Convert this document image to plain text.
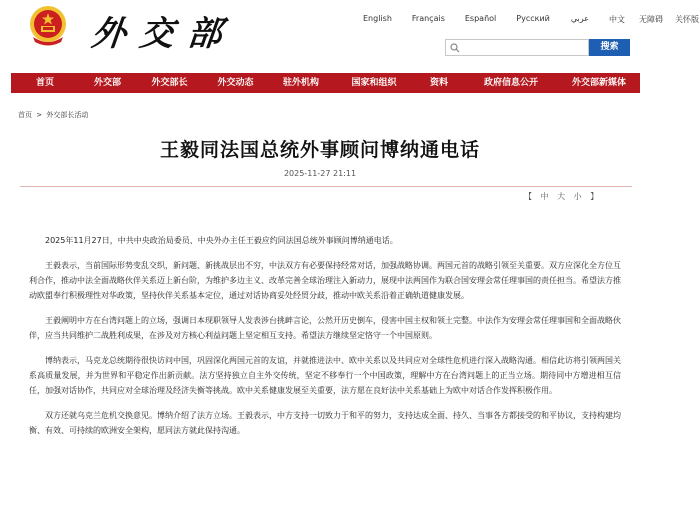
外交部	English	Français	Español	Русский	عربي	中文 无障碍 关怀版
搜索
首页	外交部	外交部长	外交动态	驻外机构	国家和组织	资料	政府信息公开	外交部新媒体
首页 > 外交部长活动
王毅同法国总统外事顾问博纳通电话
2025-11-27 21:11
【 中 大 小 】

2025年11月27日，中共中央政治局委员、中央外办主任王毅应约同法国总统外事顾问博纳通电话。

王毅表示，当前国际形势变乱交织，新问题、新挑战层出不穷，中法双方有必要保持经常对话，加强战略协调。两国元首的战略引领至关重要。双方应深化全方位互利合作，推动中法全面战略伙伴关系迈上新台阶，为维护多边主义、改革完善全球治理注入新动力，展现中法两国作为联合国安理会常任理事国的责任担当。希望法方推动欧盟奉行积极理性对华政策，坚持伙伴关系基本定位，通过对话协商妥处经贸分歧，推动中欧关系沿着正确轨道健康发展。

王毅阐明中方在台湾问题上的立场，强调日本现职领导人发表涉台挑衅言论，公然开历史倒车，侵害中国主权和领土完整。中法作为安理会常任理事国和全面战略伙伴，应当共同维护二战胜利成果，在涉及对方核心利益问题上坚定相互支持。希望法方继续坚定恪守一个中国原则。

博纳表示，马克龙总统期待很快访问中国，巩固深化两国元首的友谊，并就推进法中、欧中关系以及共同应对全球性危机进行深入战略沟通。相信此访将引领两国关系高质量发展，并为世界和平稳定作出新贡献。法方坚持独立自主外交传统，坚定不移奉行一个中国政策，理解中方在台湾问题上的正当立场。期待同中方增进相互信任，加强对话协作，共同应对全球治理及经济失衡等挑战。欧中关系健康发展至关重要，法方愿在良好法中关系基础上为欧中对话合作发挥积极作用。

双方还就乌克兰危机交换意见。博纳介绍了法方立场。王毅表示，中方支持一切致力于和平的努力，支持达成全面、持久、当事各方都接受的和平协议，支持构建均衡、有效、可持续的欧洲安全架构，愿同法方就此保持沟通。
